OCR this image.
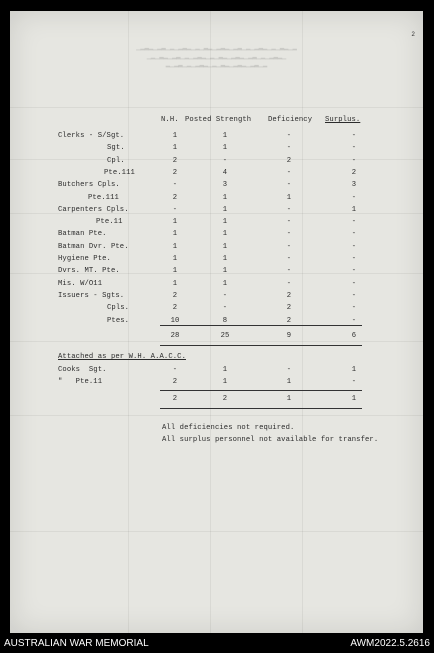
▁▂▃▂▁▂▃▁▂▁▂▃▂▁▂▁▃▂▁▂▃▂▁▂▃▁▂▁▂▃▂▁▂▁▃▂▁▂
▁▂▁▃▂▁▂▃▁▂▁▂▃▂▁▂▁▃▂▁▂▃▂▁▂▃▁▂▁▂▃▂▁
▂▁▂▃▁▂▁▂▃▂▁▂▁▃▂▁▂▃▂▁▂▃▁▂
2
N.H. Posted Strength Deficiency Surplus.
Clerks - S/Sgt.	1	1	-	-
Sgt.	1	1	-	-
Cpl.	2	-	2	-
Pte.111	2	4	-	2
Butchers Cpls.	-	3	-	3
Pte.111	2	1	1	-
Carpenters Cpls.	-	1	-	1
Pte.11	1	1	-	-
Batman Pte.	1	1	-	-
Batman Dvr. Pte.	1	1	-	-
Hygiene Pte.	1	1	-	-
Dvrs. MT. Pte.	1	1	-	-
Mis. W/O11	1	1	-	-
Issuers - Sgts.	2	-	2	-
Cpls.	2	-	2	-
Ptes.	10	8	2	-
28	25	9	6
Attached as per W.H. A.A.C.C.
Cooks  Sgt.	-	1	-	1
"   Pte.11	2	1	1	-
2	2	1	1
All deficiencies not required.
All surplus personnel not available for transfer.
AUSTRALIAN WAR MEMORIAL	AWM2022.5.2616
